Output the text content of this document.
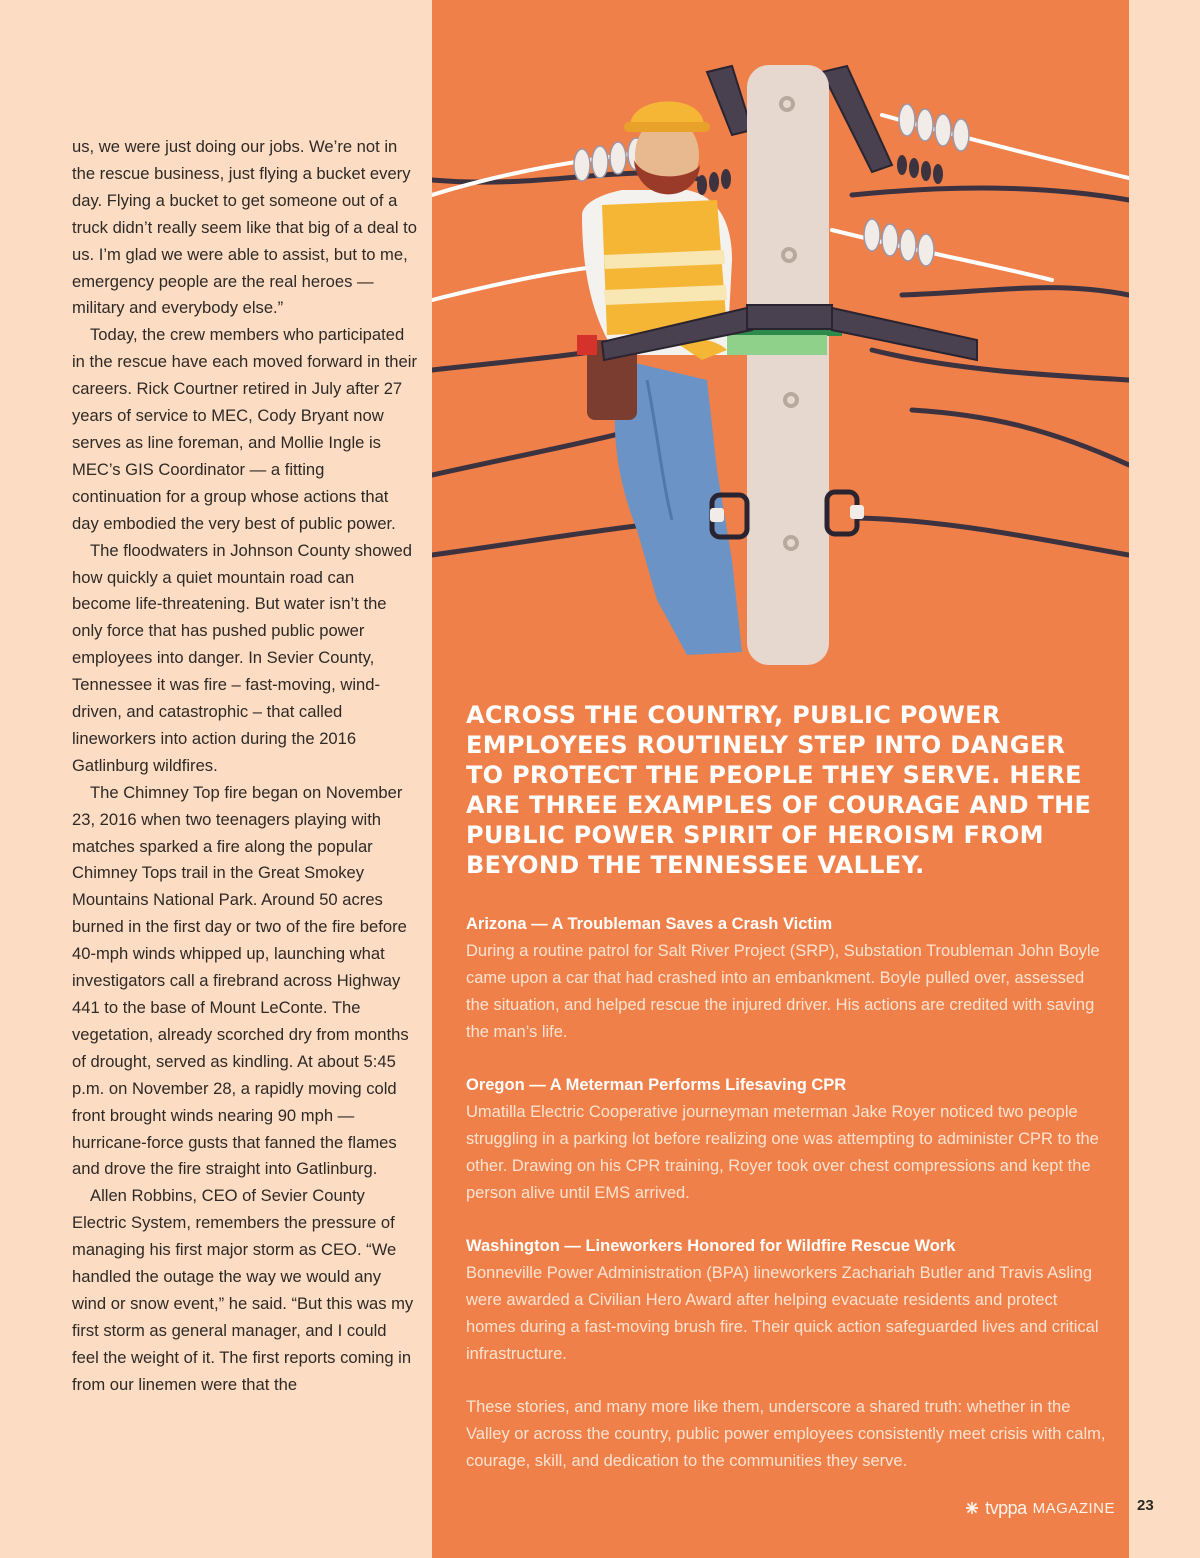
us, we were just doing our jobs. We’re not in the rescue business, just flying a bucket every day. Flying a bucket to get someone out of a truck didn’t really seem like that big of a deal to us. I’m glad we were able to assist, but to me, emergency people are the real heroes — military and everybody else.”

Today, the crew members who participated in the rescue have each moved forward in their careers. Rick Courtner retired in July after 27 years of service to MEC, Cody Bryant now serves as line foreman, and Mollie Ingle is MEC’s GIS Coordinator — a fitting continuation for a group whose actions that day embodied the very best of public power.

The floodwaters in Johnson County showed how quickly a quiet mountain road can become life-threatening. But water isn’t the only force that has pushed public power employees into danger. In Sevier County, Tennessee it was fire – fast-moving, wind-driven, and catastrophic – that called lineworkers into action during the 2016 Gatlinburg wildfires.

The Chimney Top fire began on November 23, 2016 when two teenagers playing with matches sparked a fire along the popular Chimney Tops trail in the Great Smokey Mountains National Park. Around 50 acres burned in the first day or two of the fire before 40-mph winds whipped up, launching what investigators call a firebrand across Highway 441 to the base of Mount LeConte. The vegetation, already scorched dry from months of drought, served as kindling. At about 5:45 p.m. on November 28, a rapidly moving cold front brought winds nearing 90 mph — hurricane-force gusts that fanned the flames and drove the fire straight into Gatlinburg.

Allen Robbins, CEO of Sevier County Electric System, remembers the pressure of managing his first major storm as CEO. “We handled the outage the way we would any wind or snow event,” he said. “But this was my first storm as general manager, and I could feel the weight of it. The first reports coming in from our linemen were that the

ACROSS THE COUNTRY, PUBLIC POWER EMPLOYEES ROUTINELY STEP INTO DANGER TO PROTECT THE PEOPLE THEY SERVE. HERE ARE THREE EXAMPLES OF COURAGE AND THE PUBLIC POWER SPIRIT OF HEROISM FROM BEYOND THE TENNESSEE VALLEY.

Arizona — A Troubleman Saves a Crash Victim

During a routine patrol for Salt River Project (SRP), Substation Troubleman John Boyle came upon a car that had crashed into an embankment. Boyle pulled over, assessed the situation, and helped rescue the injured driver. His actions are credited with saving the man’s life.

Oregon — A Meterman Performs Lifesaving CPR

Umatilla Electric Cooperative journeyman meterman Jake Royer noticed two people struggling in a parking lot before realizing one was attempting to administer CPR to the other. Drawing on his CPR training, Royer took over chest compressions and kept the person alive until EMS arrived.

Washington — Lineworkers Honored for Wildfire Rescue Work

Bonneville Power Administration (BPA) lineworkers Zachariah Butler and Travis Asling were awarded a Civilian Hero Award after helping evacuate residents and protect homes during a fast-moving brush fire. Their quick action safeguarded lives and critical infrastructure.

These stories, and many more like them, underscore a shared truth: whether in the Valley or across the country, public power employees consistently meet crisis with calm, courage, skill, and dedication to the communities they serve.

tvppa MAGAZINE 23
